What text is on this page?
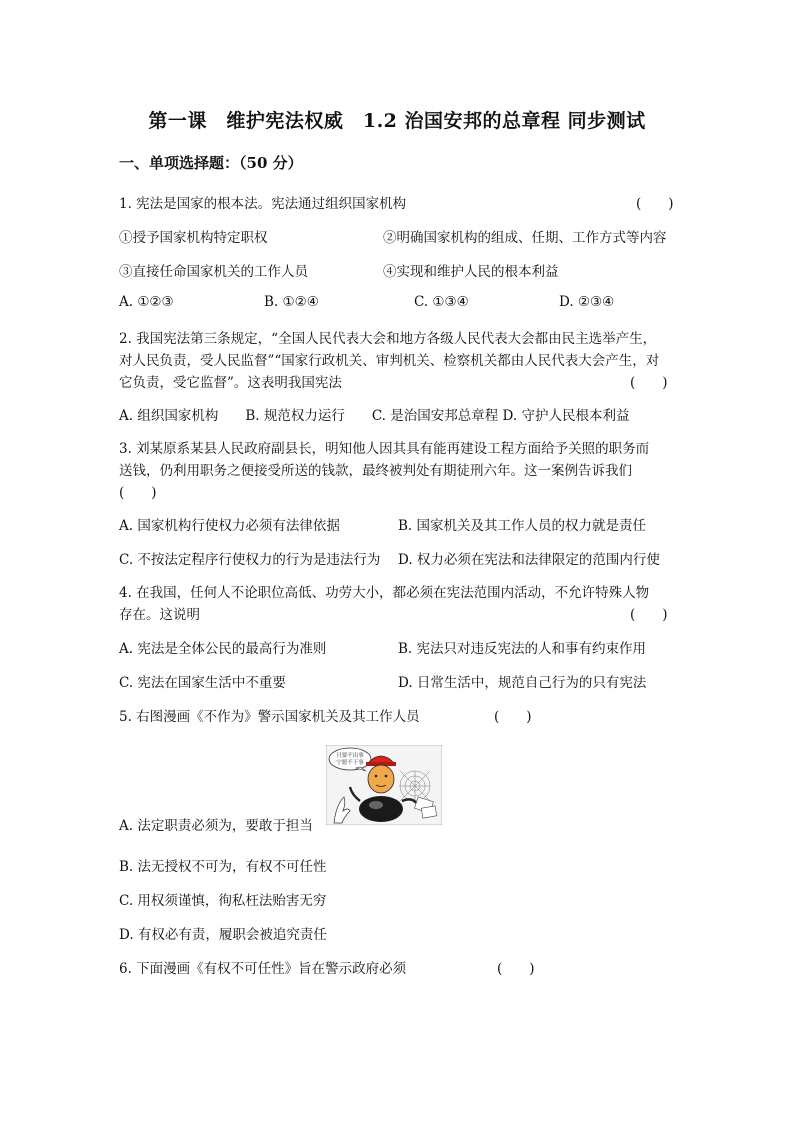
第一课　维护宪法权威　1.2 治国安邦的总章程 同步测试
一、单项选择题：（50 分）
1. 宪法是国家的根本法。宪法通过组织国家机构	(　　)
①授予国家机构特定职权	②明确国家机构的组成、任期、工作方式等内容
③直接任命国家机关的工作人员	④实现和维护人民的根本利益
A. ①②③	B. ①②④	C. ①③④	D. ②③④
2. 我国宪法第三条规定，“全国人民代表大会和地方各级人民代表大会都由民主选举产生，
对人民负责，受人民监督”“国家行政机关、审判机关、检察机关都由人民代表大会产生，对
它负责，受它监督”。这表明我国宪法	(　　)
A. 组织国家机构　　B. 规范权力运行　　C. 是治国安邦总章程 D. 守护人民根本利益
3. 刘某原系某县人民政府副县长，明知他人因其具有能再建设工程方面给予关照的职务而
送钱，仍利用职务之便接受所送的钱款，最终被判处有期徒刑六年。这一案例告诉我们
(　　)
A. 国家机构行使权力必须有法律依据	B. 国家机关及其工作人员的权力就是责任
C. 不按法定程序行使权力的行为是违法行为 D. 权力必须在宪法和法律限定的范围内行使
4. 在我国，任何人不论职位高低、功劳大小，都必须在宪法范围内活动，不允许特殊人物
存在。这说明	(　　)
A. 宪法是全体公民的最高行为准则	B. 宪法只对违反宪法的人和事有约束作用
C. 宪法在国家生活中不重要	D. 日常生活中，规范自己行为的只有宪法
5. 右图漫画《不作为》警示国家机关及其工作人员	(　　)
只要不出事
宁愿不干事
A. 法定职责必须为，要敢于担当
B. 法无授权不可为，有权不可任性
C. 用权须谨慎，徇私枉法贻害无穷
D. 有权必有责，履职会被追究责任
6. 下面漫画《有权不可任性》旨在警示政府必须	(　　)
